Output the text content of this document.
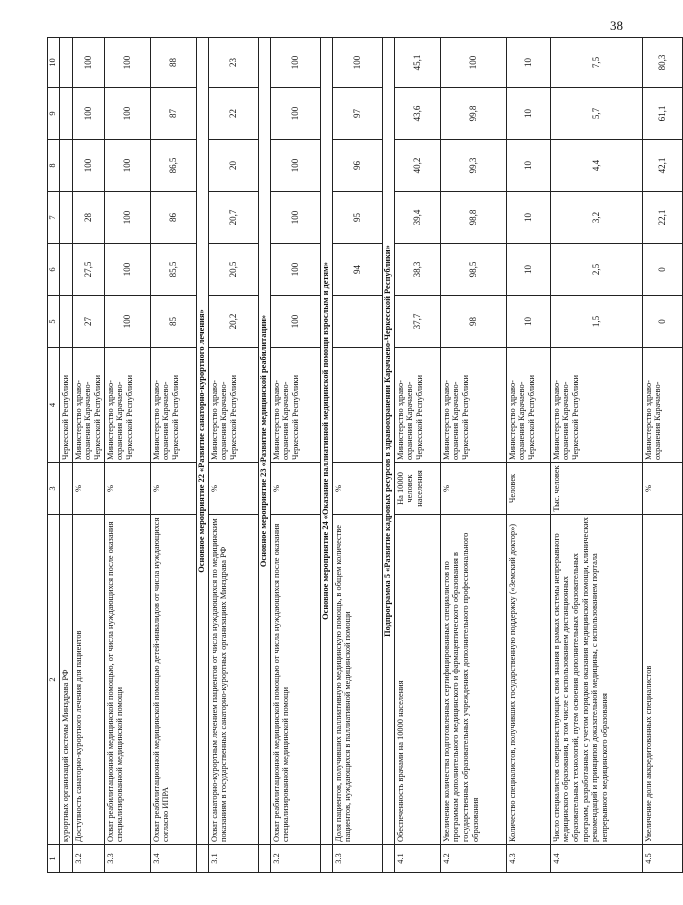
38
1	2	3	4	5	6	7	8	9	10
	курортных организаций системы Минздрава РФ		Черкесской Республики						
3.2	Доступность санаторно-курортного лечения для пациентов	%	Министерство здраво-охранения Карачаево-Черкесской Республики	27	27,5	28	100	100	100
3.3	Охват реабилитационной медицинской помощью, от числа нуждающихся после оказания специализированной медицинской помощи	%	Министерство здраво-охранения Карачаево-Черкесской Республики	100	100	100	100	100	100
3.4	Охват реабилитационной медицинской помощью детей-инвалидов от числа нуждающихся согласно ИПРА	%	Министерство здраво-охранения Карачаево-Черкесской Республики	85	85,5	86	86,5	87	88
	Основное мероприятие 22 «Развитие санаторно-курортного лечения»								
3.1	Охват санаторно-курортным лечением пациентов от числа нуждающихся по медицинским показаниям в государственных санаторно-курортных организациях Минздрава РФ	%	Министерство здраво-охранения Карачаево-Черкесской Республики	20,2	20,5	20,7	20	22	23
	Основное мероприятие 23 «Развитие медицинской реабилитации»								
3.2	Охват реабилитационной медицинской помощью от числа нуждающихся после оказания специализированной медицинской помощи	%	Министерство здраво-охранения Карачаево-Черкесской Республики	100	100	100	100	100	100
	Основное мероприятие 24 «Оказание паллиативной медицинской помощи взрослым и детям»								
3.3	Доля пациентов, получивших паллиативную медицинскую помощь, в общем количестве пациентов, нуждающихся в паллиативной медицинской помощи	%			94	95	96	97	100
	Подпрограмма 5 «Развитие кадровых ресурсов в здравоохранении Карачаево-Черкесской Республики»								
4.1	Обеспеченность врачами на 10000 населения	На 10000 человек населения	Министерство здраво-охранения Карачаево-Черкесской Республики	37,7	38,3	39,4	40,2	43,6	45,1
4.2	Увеличение количества подготовленных сертифицированных специалистов по программам дополнительного медицинского и фармацевтического образования в государственных образовательных учреждениях дополнительного профессионального образования	%	Министерство здраво-охранения Карачаево-Черкесской Республики	98	98,5	98,8	99,3	99,8	100
4.3	Количество специалистов, получивших государственную поддержку («Земский доктор»)	Человек	Министерство здраво-охранения Карачаево-Черкесской Республики	10	10	10	10	10	10
4.4	Число специалистов совершенствующих свои знания в рамках системы непрерывного медицинского образования, в том числе с использованием дистанционных образовательных технологий, путем освоения дополнительных образовательных программ, разработанных с учетом порядков оказания медицинской помощи, клинических рекомендаций и принципов доказательной медицины, с использованием портала непрерывного медицинского образования	Тыс. человек	Министерство здраво-охранения Карачаево-Черкесской Республики	1,5	2,5	3,2	4,4	5,7	7,5
4.5	Увеличение доли аккредитованных специалистов	%	Министерство здраво-охранения Карачаево-	0	0	22,1	42,1	61,1	80,3
